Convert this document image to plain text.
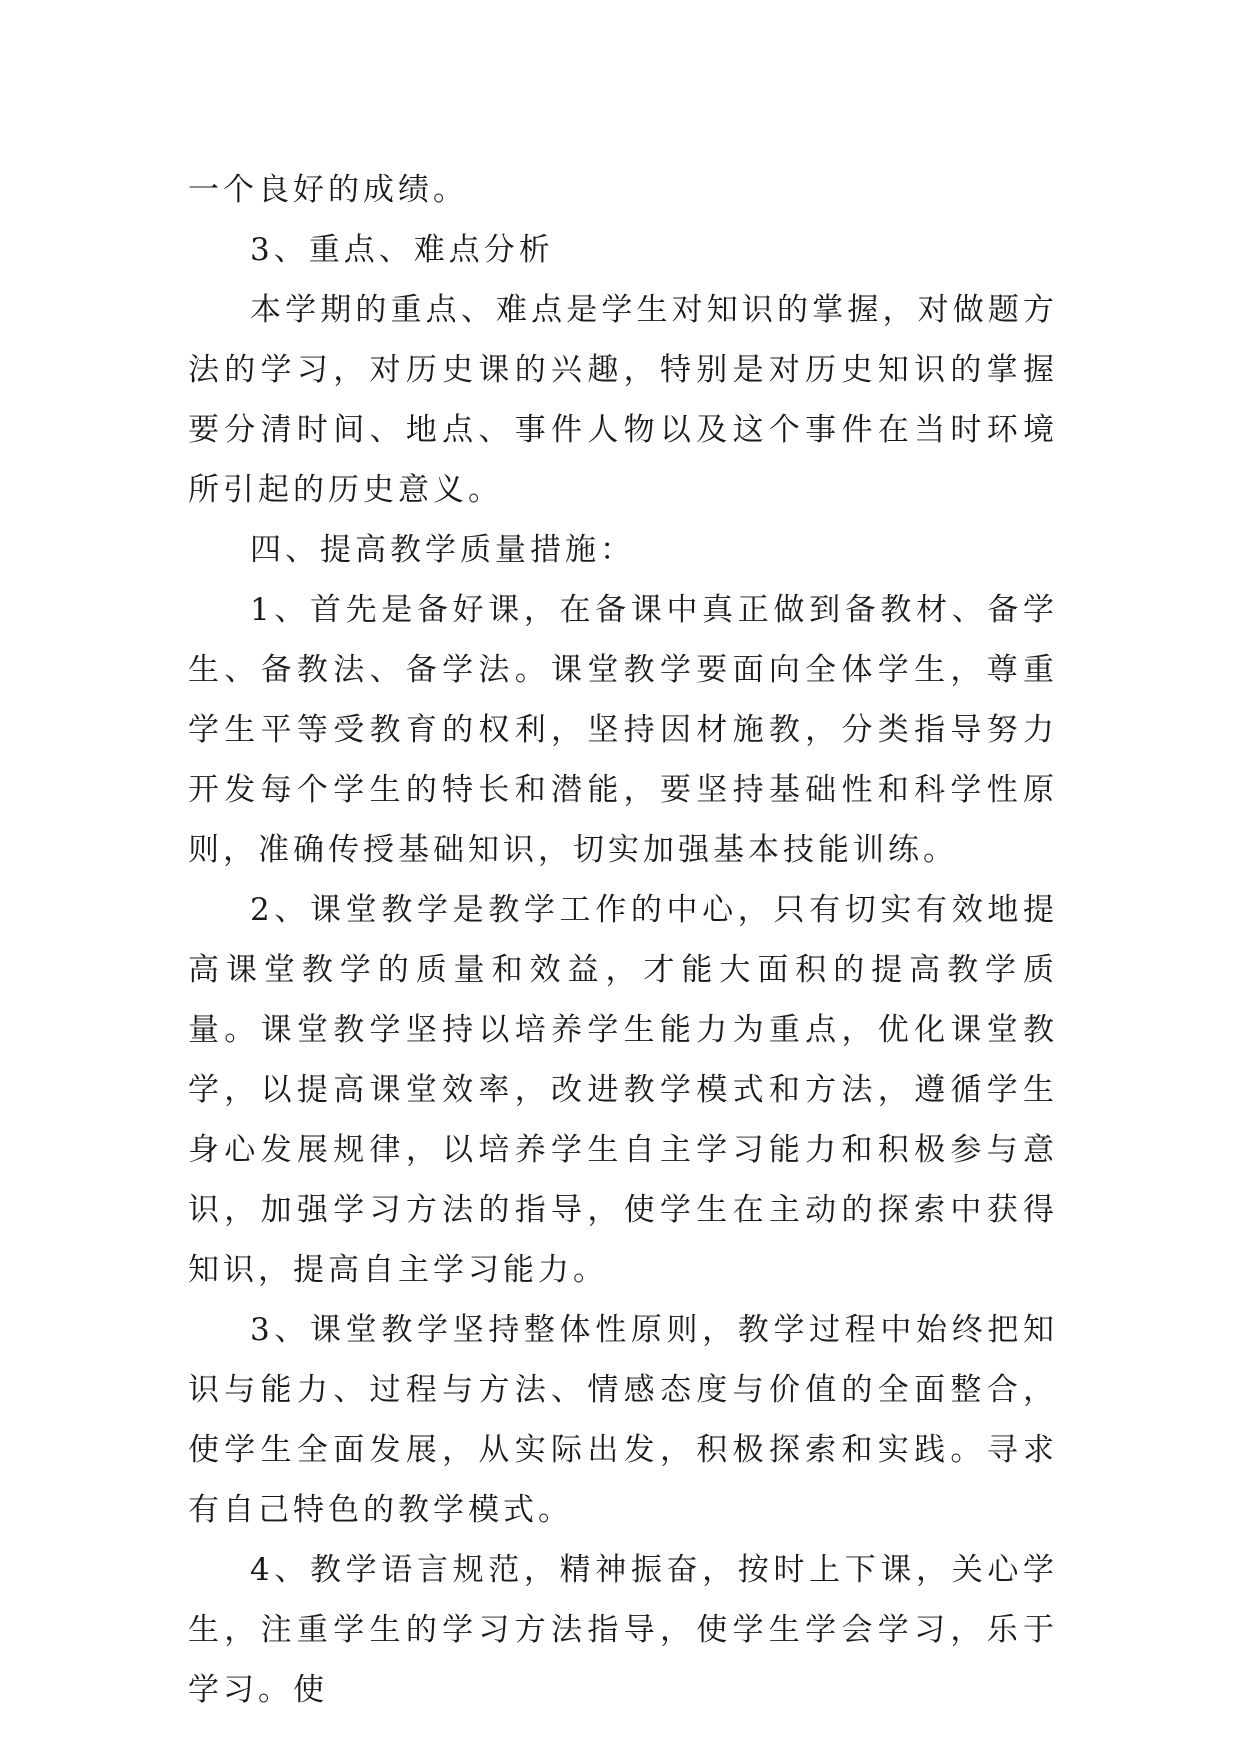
一个良好的成绩。

3、重点、难点分析

本学期的重点、难点是学生对知识的掌握，对做题方法的学习，对历史课的兴趣，特别是对历史知识的掌握要分清时间、地点、事件人物以及这个事件在当时环境所引起的历史意义。

四、提高教学质量措施：

1、首先是备好课，在备课中真正做到备教材、备学生、备教法、备学法。课堂教学要面向全体学生，尊重学生平等受教育的权利，坚持因材施教，分类指导努力开发每个学生的特长和潜能，要坚持基础性和科学性原则，准确传授基础知识，切实加强基本技能训练。

2、课堂教学是教学工作的中心，只有切实有效地提高课堂教学的质量和效益，才能大面积的提高教学质量。课堂教学坚持以培养学生能力为重点，优化课堂教学，以提高课堂效率，改进教学模式和方法，遵循学生身心发展规律，以培养学生自主学习能力和积极参与意识，加强学习方法的指导，使学生在主动的探索中获得知识，提高自主学习能力。

3、课堂教学坚持整体性原则，教学过程中始终把知识与能力、过程与方法、情感态度与价值的全面整合，使学生全面发展，从实际出发，积极探索和实践。寻求有自己特色的教学模式。

4、教学语言规范，精神振奋，按时上下课，关心学生，注重学生的学习方法指导，使学生学会学习，乐于学习。使
